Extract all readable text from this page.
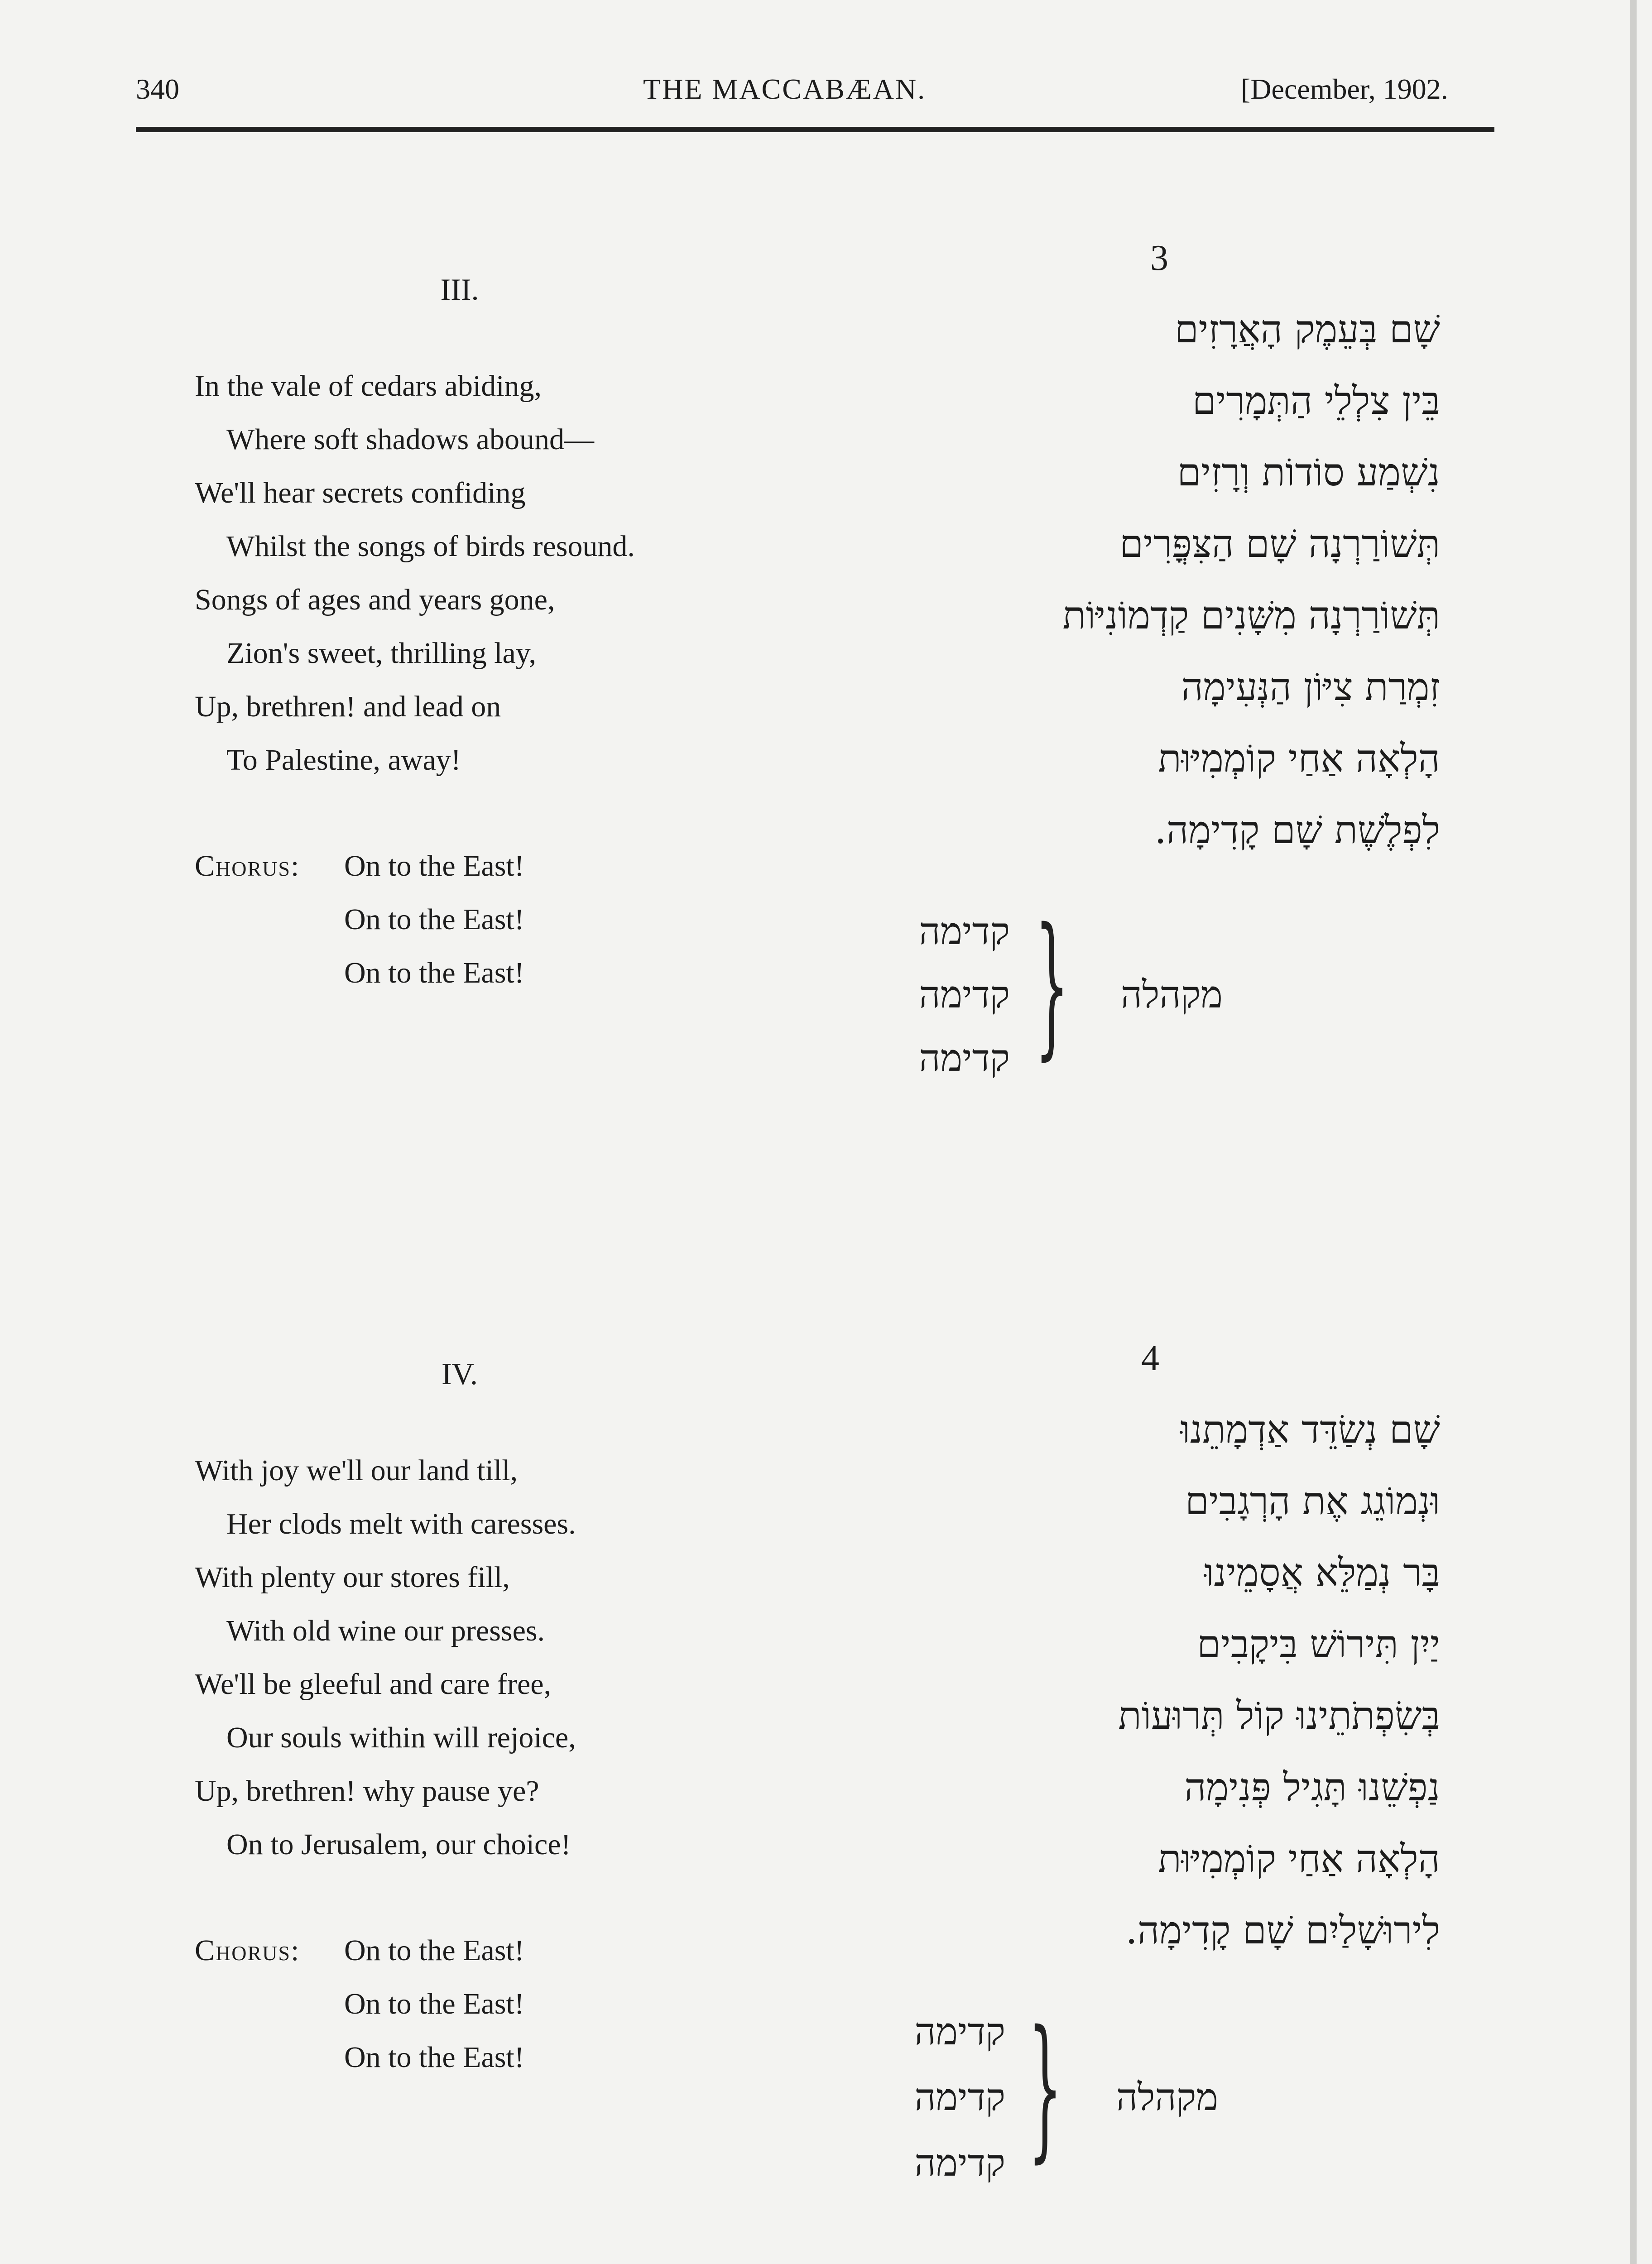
340	THE MACCABÆAN.	[December, 1902.
III.
In the vale of cedars abiding,
Where soft shadows abound—
We'll hear secrets confiding
Whilst the songs of birds resound.
Songs of ages and years gone,
Zion's sweet, thrilling lay,
Up, brethren! and lead on
To Palestine, away!
Chorus: On to the East!
On to the East!
On to the East!
3
שָׁם בְּעֵמֶק הָאֲרָזִים
בֵּין צִלְלֵי הַתְּמָרִים
נִשְׁמַע סוֹדוֹת וְרָזִים
תְּשׁוֹרַרְנָה שָׁם הַצִּפֳּרִים
תְּשׁוֹרַרְנָה מִשָּׁנִים קַדְמוֹנִיּוֹת
זִמְרַת צִיּוֹן הַנְּעִימָה
הָלְאָה אַחַי קוֹמְמִיּוּת
לִפְלֶשֶׁת שָׁם קָדִימָה.
קדימה
קדימה
קדימה }	מקהלה
IV.
With joy we'll our land till,
Her clods melt with caresses.
With plenty our stores fill,
With old wine our presses.
We'll be gleeful and care free,
Our souls within will rejoice,
Up, brethren! why pause ye?
On to Jerusalem, our choice!
Chorus: On to the East!
On to the East!
On to the East!
4
שָׁם נְשַׂדֵּד אַדְמָתֵנוּ
וּנְמוֹגֵג אֶת הָרְגָבִים
בָּר נְמַלֵּא אֲסָמֵינוּ
יַיִן תִּירוֹשׁ בִּיקָבִים
בְּשִׂפְתֹתֵינוּ קוֹל תְּרוּעוֹת
נַפְשֵׁנוּ תָּגִיל פְּנִימָה
הָלְאָה אַחַי קוֹמְמִיּוּת
לִירוּשָׁלַיִם שָׁם קָדִימָה.
קדימה
קדימה
קדימה }	מקהלה
